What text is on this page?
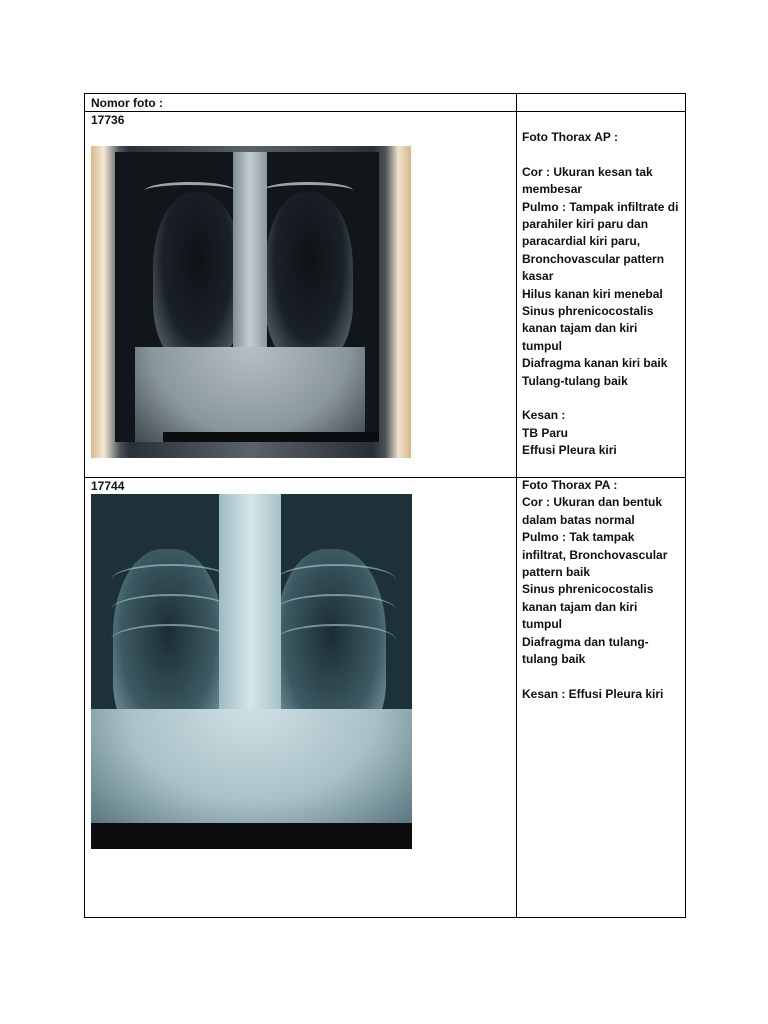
Nomor foto :
17736
Foto Thorax AP :
Cor : Ukuran kesan tak
membesar
Pulmo : Tampak infiltrate di
parahiler kiri paru dan
paracardial kiri paru,
Bronchovascular pattern
kasar
Hilus kanan kiri menebal
Sinus phrenicocostalis
kanan tajam dan kiri
tumpul
Diafragma kanan kiri baik
Tulang-tulang baik
Kesan :
TB Paru
Effusi Pleura kiri
17744	Foto Thorax PA :
Cor : Ukuran dan bentuk
dalam batas normal
Pulmo : Tak tampak
infiltrat, Bronchovascular
pattern baik
Sinus phrenicocostalis
kanan tajam dan kiri
tumpul
Diafragma dan tulang-
tulang baik
Kesan : Effusi Pleura kiri
